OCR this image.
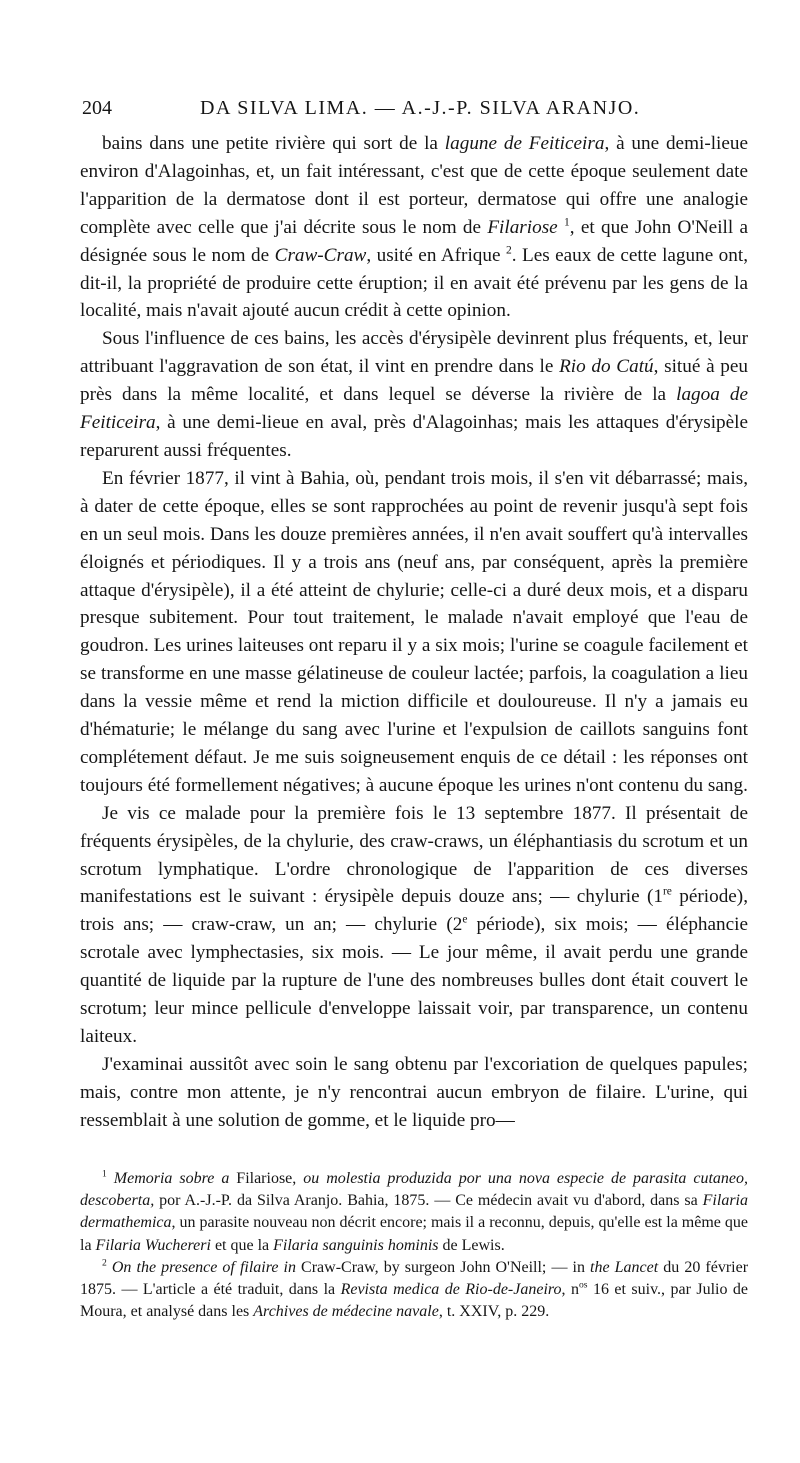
204	DA SILVA LIMA. — A.-J.-P. SILVA ARANJO.

bains dans une petite rivière qui sort de la lagune de Feiticeira, à une demi-lieue environ d'Alagoinhas, et, un fait intéressant, c'est que de cette époque seulement date l'apparition de la dermatose dont il est porteur, dermatose qui offre une analogie complète avec celle que j'ai décrite sous le nom de Filariose $^1$, et que John O'Neill a désignée sous le nom de Craw-Craw, usité en Afrique $^2$. Les eaux de cette lagune ont, dit-il, la propriété de produire cette éruption; il en avait été prévenu par les gens de la localité, mais n'avait ajouté aucun crédit à cette opinion.

Sous l'influence de ces bains, les accès d'érysipèle devinrent plus fréquents, et, leur attribuant l'aggravation de son état, il vint en prendre dans le Rio do Catú, situé à peu près dans la même localité, et dans lequel se déverse la rivière de la lagoa de Feiticeira, à une demi-lieue en aval, près d'Alagoinhas; mais les attaques d'érysipèle reparurent aussi fréquentes.

En février 1877, il vint à Bahia, où, pendant trois mois, il s'en vit débarrassé; mais, à dater de cette époque, elles se sont rapprochées au point de revenir jusqu'à sept fois en un seul mois. Dans les douze premières années, il n'en avait souffert qu'à intervalles éloignés et périodiques. Il y a trois ans (neuf ans, par conséquent, après la première attaque d'érysipèle), il a été atteint de chylurie; celle-ci a duré deux mois, et a disparu presque subitement. Pour tout traitement, le malade n'avait employé que l'eau de goudron. Les urines laiteuses ont reparu il y a six mois; l'urine se coagule facilement et se transforme en une masse gélatineuse de couleur lactée; parfois, la coagulation a lieu dans la vessie même et rend la miction difficile et douloureuse. Il n'y a jamais eu d'hématurie; le mélange du sang avec l'urine et l'expulsion de caillots sanguins font complétement défaut. Je me suis soigneusement enquis de ce détail : les réponses ont toujours été formellement négatives; à aucune époque les urines n'ont contenu du sang.

Je vis ce malade pour la première fois le 13 septembre 1877. Il présentait de fréquents érysipèles, de la chylurie, des craw-craws, un éléphantiasis du scrotum et un scrotum lymphatique. L'ordre chronologique de l'apparition de ces diverses manifestations est le suivant : érysipèle depuis douze ans; — chylurie (1re période), trois ans; — craw-craw, un an; — chylurie (2e période), six mois; — éléphancie scrotale avec lymphectasies, six mois. — Le jour même, il avait perdu une grande quantité de liquide par la rupture de l'une des nombreuses bulles dont était couvert le scrotum; leur mince pellicule d'enveloppe laissait voir, par transparence, un contenu laiteux.

J'examinai aussitôt avec soin le sang obtenu par l'excoriation de quelques papules; mais, contre mon attente, je n'y rencontrai aucun embryon de filaire. L'urine, qui ressemblait à une solution de gomme, et le liquide pro—

$^1$ Memoria sobre a Filariose, ou molestia produzida por una nova especie de parasita cutaneo, descoberta, por A.-J.-P. da Silva Aranjo. Bahia, 1875. — Ce médecin avait vu d'abord, dans sa Filaria dermathemica, un parasite nouveau non décrit encore; mais il a reconnu, depuis, qu'elle est la même que la Filaria Wuchereri et que la Filaria sanguinis hominis de Lewis.

$^2$ On the presence of filaire in Craw-Craw, by surgeon John O'Neill; — in the Lancet du 20 février 1875. — L'article a été traduit, dans la Revista medica de Rio-de-Janeiro, $n^{os}$ 16 et suiv., par Julio de Moura, et analysé dans les Archives de médecine navale, t. XXIV, p. 229.
